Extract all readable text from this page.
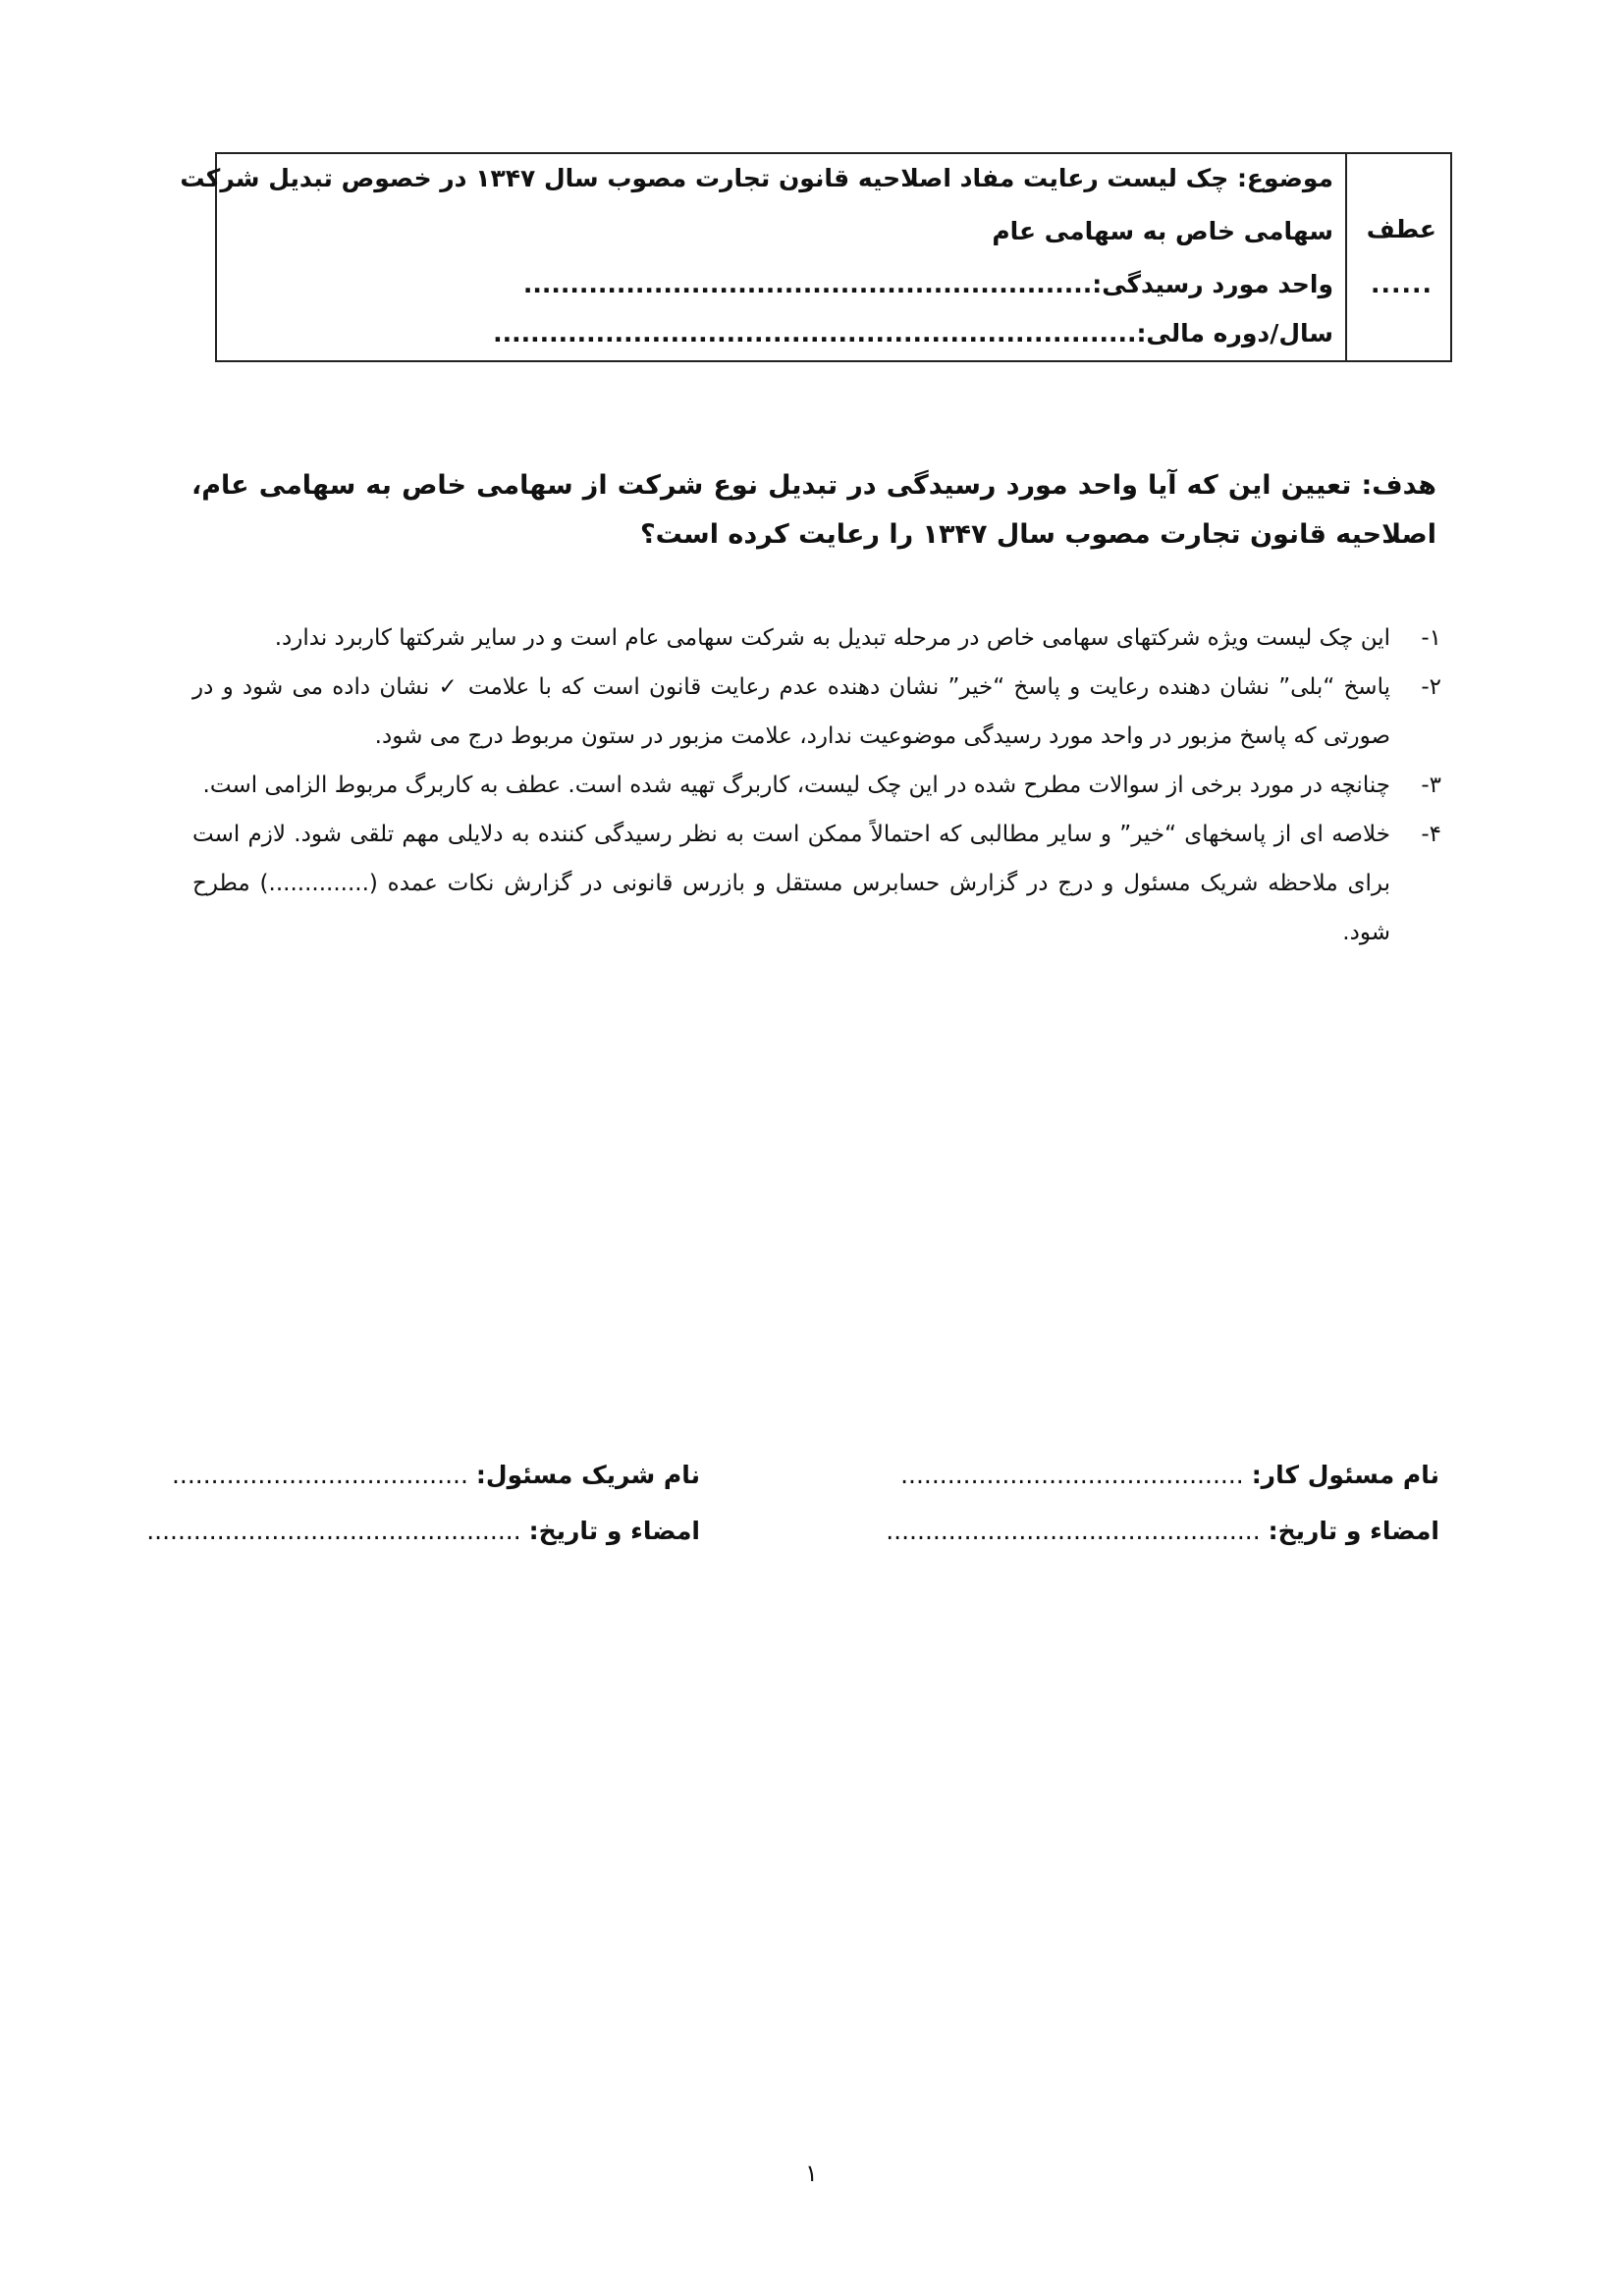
عطف
......
موضوع: چک لیست رعایت مفاد اصلاحیه قانون تجارت مصوب سال ۱۳۴۷ در خصوص تبدیل شرکت
سهامی خاص به سهامی عام
واحد مورد رسیدگی:.............................................................
سال/دوره مالی:.....................................................................
هدف: تعیین این که آیا واحد مورد رسیدگی در تبدیل نوع شرکت از سهامی خاص به سهامی عام، اصلاحیه قانون تجارت مصوب سال ۱۳۴۷ را رعایت کرده است؟
۱-
این چک لیست ویژه شرکتهای سهامی خاص در مرحله تبدیل به شرکت سهامی عام است و در سایر شرکتها کاربرد ندارد.
۲-
پاسخ “بلی” نشان دهنده رعایت و پاسخ “خیر” نشان دهنده عدم رعایت قانون است که با علامت ✓ نشان داده می شود و در صورتی که پاسخ مزبور در واحد مورد رسیدگی موضوعیت ندارد، علامت مزبور در ستون مربوط درج می شود.
۳-
چنانچه در مورد برخی از سوالات مطرح شده در این چک لیست، کاربرگ تهیه شده است. عطف به کاربرگ مربوط الزامی است.
۴-
خلاصه ای از پاسخهای “خیر” و سایر مطالبی که احتمالاً ممکن است به نظر رسیدگی کننده به دلایلی مهم تلقی شود. لازم است برای ملاحظه شریک مسئول و درج در گزارش حسابرس مستقل و بازرس قانونی در گزارش نکات عمده (..............) مطرح شود.
نام مسئول کار: ............................................
امضاء و تاریخ: ................................................
نام شریک مسئول: ......................................
امضاء و تاریخ: ................................................
۱
